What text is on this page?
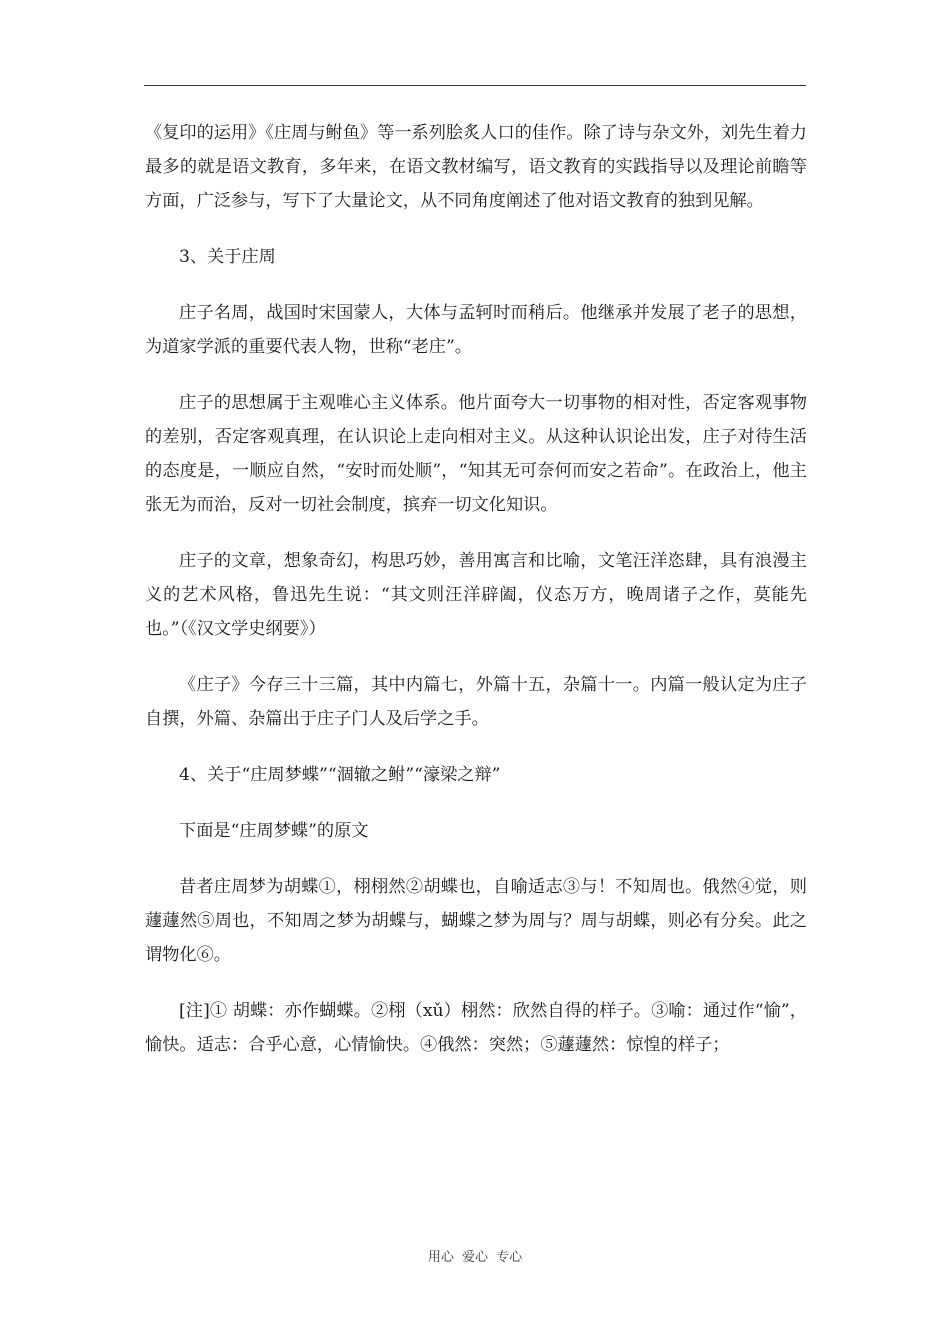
《复印的运用》《庄周与鲋鱼》等一系列脍炙人口的佳作。除了诗与杂文外，刘先生着力最多的就是语文教育，多年来，在语文教材编写，语文教育的实践指导以及理论前瞻等方面，广泛参与，写下了大量论文，从不同角度阐述了他对语文教育的独到见解。

3、关于庄周

庄子名周，战国时宋国蒙人，大体与孟轲时而稍后。他继承并发展了老子的思想，为道家学派的重要代表人物，世称“老庄”。

庄子的思想属于主观唯心主义体系。他片面夸大一切事物的相对性，否定客观事物的差别，否定客观真理，在认识论上走向相对主义。从这种认识论出发，庄子对待生活的态度是，一顺应自然，“安时而处顺”，“知其无可奈何而安之若命”。在政治上，他主张无为而治，反对一切社会制度，摈弃一切文化知识。

庄子的文章，想象奇幻，构思巧妙，善用寓言和比喻，文笔汪洋恣肆，具有浪漫主义的艺术风格，鲁迅先生说：“其文则汪洋辟阖，仪态万方，晚周诸子之作，莫能先也。”（《汉文学史纲要》）

《庄子》今存三十三篇，其中内篇七，外篇十五，杂篇十一。内篇一般认定为庄子自撰，外篇、杂篇出于庄子门人及后学之手。

4、关于“庄周梦蝶”“涸辙之鲋”“濠梁之辩”

下面是“庄周梦蝶”的原文

昔者庄周梦为胡蝶①，栩栩然②胡蝶也，自喻适志③与！不知周也。俄然④觉，则蘧蘧然⑤周也，不知周之梦为胡蝶与，蝴蝶之梦为周与？周与胡蝶，则必有分矣。此之谓物化⑥。

[注]① 胡蝶：亦作蝴蝶。②栩（xǔ）栩然：欣然自得的样子。③喻：通过作“愉”，愉快。适志：合乎心意，心情愉快。④俄然：突然；⑤蘧蘧然：惊惶的样子；

用心 爱心 专心
